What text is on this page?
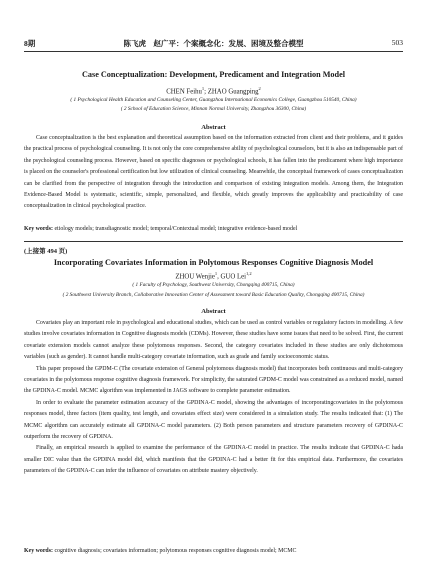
8期	陈飞虎　赵广平：个案概念化：发展、困境及整合模型	503
Case Conceptualization: Development, Predicament and Integration Model
CHEN Feihu$^1$; ZHAO Guangping$^2$
( 1 Psychological Health Education and Counseling Center, Guangzhou International Economics College, Guangzhou 510540, China)
( 2 School of Education Science, Minnan Normal University, Zhangzhou 36300, China)
Abstract

Case conceptualization is the best explanation and theoretical assumption based on the information extracted from client and their problems, and it guides the practical process of psychological counseling. It is not only the core comprehensive ability of psychological counselors, but it is also an indispensable part of the psychological counseling process. However, based on specific diagnoses or psychological schools, it has fallen into the predicament where high importance is placed on the counselor's professional certification but low utilization of clinical counseling. Meanwhile, the conceptual framework of cases conceptualization can be clarified from the perspective of integration through the introduction and comparison of existing integration models. Among them, the Integration Evidence-Based Model is systematic, scientific, simple, personalized, and flexible, which greatly improves the applicability and practicability of case conceptualization in clinical psychological practice.

Key words: etiology models; transdiagnostic model; temporal/Contextual model; integrative evidence-based model
(上接第 494 页)
Incorporating Covariates Information in Polytomous Responses Cognitive Diagnosis Model
ZHOU Wenjie$^1$, GUO Lei$^{1,2}$
( 1 Faculty of Psychology, Southwest University, Chongqing 400715, China)
( 2 Southwest University Branch, Collaborative Innovation Center of Assessment toward Basic Education Quality, Chongqing 400715, China)
Abstract

Covariates play an important role in psychological and educational studies, which can be used as control variables or regulatory factors in modelling. A few studies involve covariates information in Cognitive diagnosis models (CDMs). However, these studies have some issues that need to be solved. First, the current covariate extension models cannot analyze these polytomous responses. Second, the category covariates included in these studies are only dichotomous variables (such as gender). It cannot handle multi-category covariate information, such as grade and family socioeconomic status.

This paper proposed the GPDM-C (The covariate extension of General polytomous diagnosis model) that incorporates both continuous and multi-category covariates in the polytomous response cognitive diagnosis framework. For simplicity, the saturated GPDM-C model was constrained as a reduced model, named the GPDINA-C model. MCMC algorithm was implemented in JAGS software to complete parameter estimation.

In order to evaluate the parameter estimation accuracy of the GPDINA-C model, showing the advantages of incorporatingcovariates in the polytomous responses model, three factors (item quality, test length, and covariates effect size) were considered in a simulation study. The results indicated that: (1) The MCMC algorithm can accurately estimate all GPDINA-C model parameters. (2) Both person parameters and structure parameters recovery of GPDINA-C outperform the recovery of GPDINA.

Finally, an empirical research is applied to examine the performance of the GPDINA-C model in practice. The results indicate that GPDINA-C hada smaller DIC value than the GPDINA model did, which manifests that the GPDINA-C had a better fit for this empirical data. Furthermore, the covariates parameters of the GPDINA-C can infer the influence of covariates on attribute mastery objectively.

Key words: cognitive diagnosis; covariates information; polytomous responses cognitive diagnosis model; MCMC
